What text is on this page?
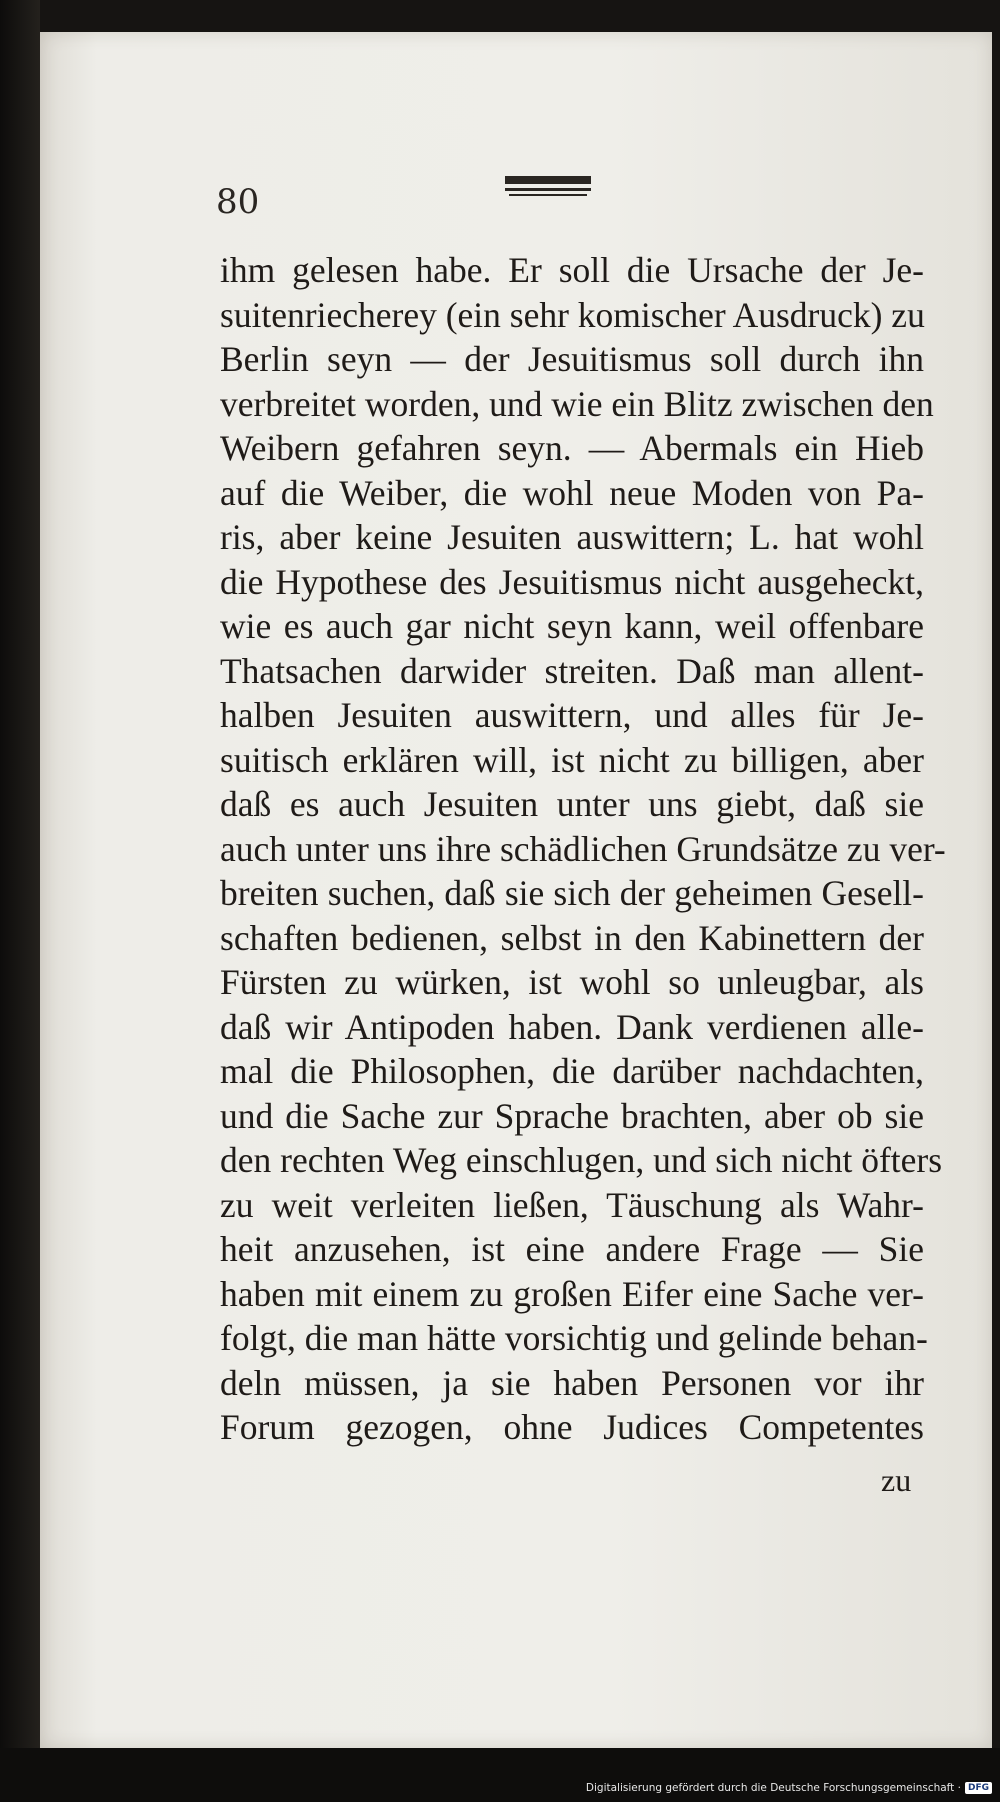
80
ihm gelesen habe. Er soll die Ursache der Je-
suitenriecherey (ein sehr komischer Ausdruck) zu
Berlin seyn — der Jesuitismus soll durch ihn
verbreitet worden, und wie ein Blitz zwischen den
Weibern gefahren seyn. — Abermals ein Hieb
auf die Weiber, die wohl neue Moden von Pa-
ris, aber keine Jesuiten auswittern; L. hat wohl
die Hypothese des Jesuitismus nicht ausgeheckt,
wie es auch gar nicht seyn kann, weil offenbare
Thatsachen darwider streiten. Daß man allent-
halben Jesuiten auswittern, und alles für Je-
suitisch erklären will, ist nicht zu billigen, aber
daß es auch Jesuiten unter uns giebt, daß sie
auch unter uns ihre schädlichen Grundsätze zu ver-
breiten suchen, daß sie sich der geheimen Gesell-
schaften bedienen, selbst in den Kabinettern der
Fürsten zu würken, ist wohl so unleugbar, als
daß wir Antipoden haben. Dank verdienen alle-
mal die Philosophen, die darüber nachdachten,
und die Sache zur Sprache brachten, aber ob sie
den rechten Weg einschlugen, und sich nicht öfters
zu weit verleiten ließen, Täuschung als Wahr-
heit anzusehen, ist eine andere Frage — Sie
haben mit einem zu großen Eifer eine Sache ver-
folgt, die man hätte vorsichtig und gelinde behan-
deln müssen, ja sie haben Personen vor ihr
Forum gezogen, ohne Judices Competentes
zu
Digitalisierung gefördert durch die Deutsche Forschungsgemeinschaft · DFG
